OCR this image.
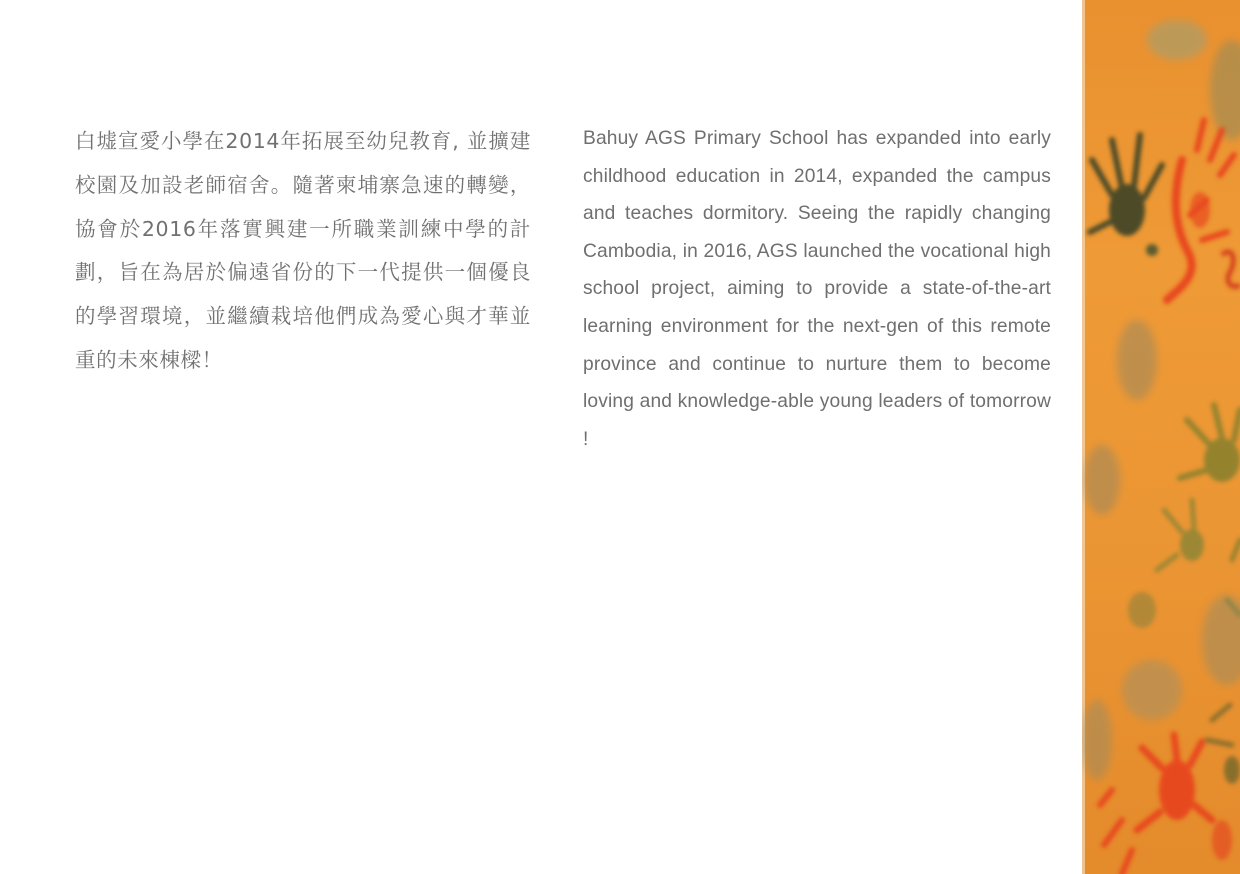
白墟宣愛小學在2014年拓展至幼兒教育, 並擴建校園及加設老師宿舍。隨著柬埔寨急速的轉變，協會於2016年落實興建一所職業訓練中學的計劃，旨在為居於偏遠省份的下一代提供一個優良的學習環境，並繼續栽培他們成為愛心與才華並重的未來棟樑！
Bahuy AGS Primary School has expanded into early childhood education in 2014, expanded the campus and teaches dormitory. Seeing the rapidly changing Cambodia, in 2016, AGS launched the vocational high school project, aiming to provide a state-of-the-art learning environment for the next-gen of this remote province and continue to nurture them to become loving and knowledge-able young leaders of tomorrow !
